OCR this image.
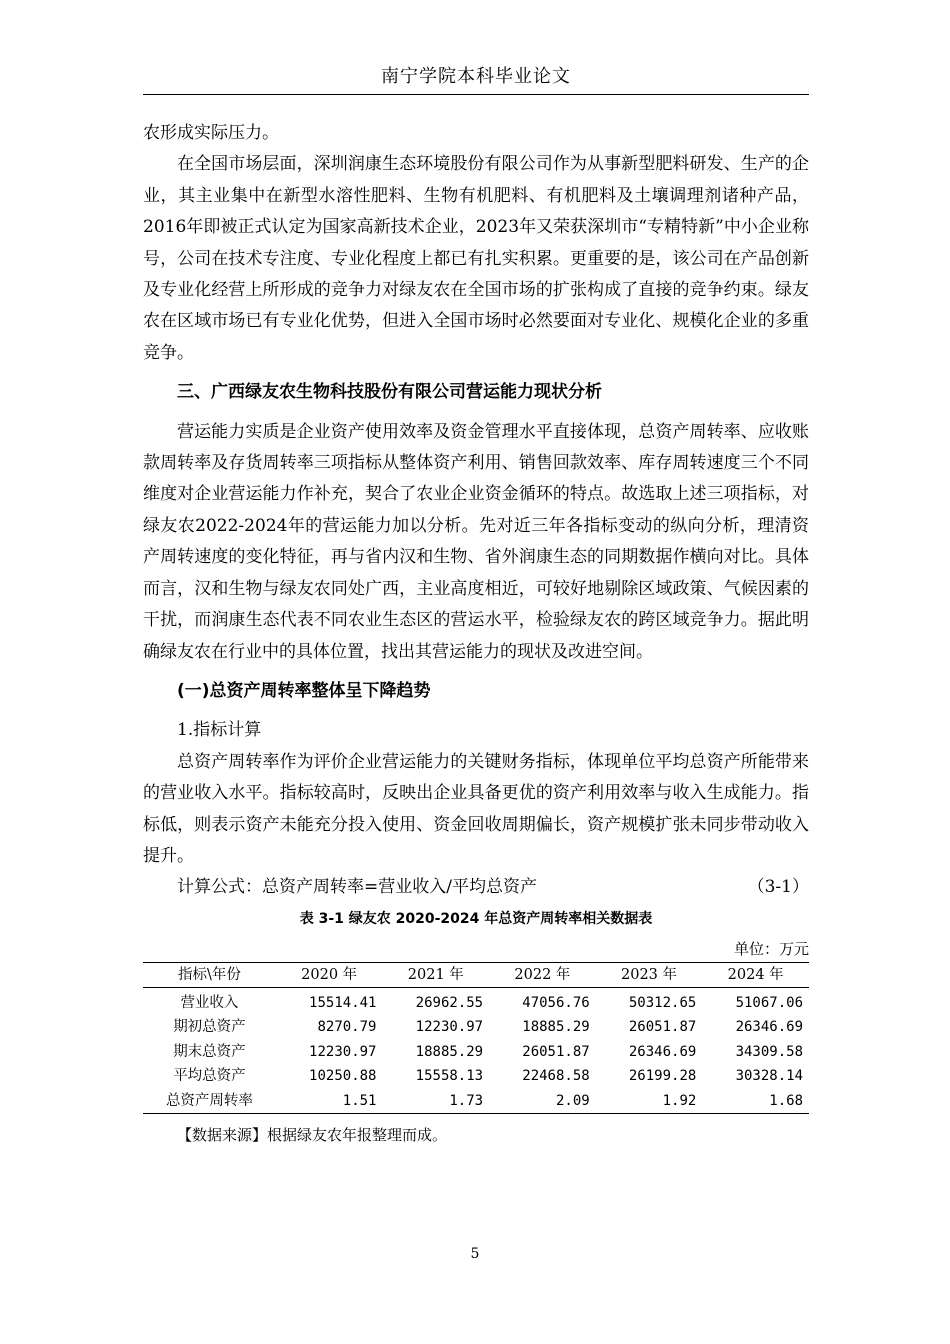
南宁学院本科毕业论文

农形成实际压力。

在全国市场层面，深圳润康生态环境股份有限公司作为从事新型肥料研发、生产的企业，其主业集中在新型水溶性肥料、生物有机肥料、有机肥料及土壤调理剂诸种产品，2016年即被正式认定为国家高新技术企业，2023年又荣获深圳市“专精特新”中小企业称号，公司在技术专注度、专业化程度上都已有扎实积累。更重要的是，该公司在产品创新及专业化经营上所形成的竞争力对绿友农在全国市场的扩张构成了直接的竞争约束。绿友农在区域市场已有专业化优势，但进入全国市场时必然要面对专业化、规模化企业的多重竞争。

三、广西绿友农生物科技股份有限公司营运能力现状分析

营运能力实质是企业资产使用效率及资金管理水平直接体现，总资产周转率、应收账款周转率及存货周转率三项指标从整体资产利用、销售回款效率、库存周转速度三个不同维度对企业营运能力作补充，契合了农业企业资金循环的特点。故选取上述三项指标，对绿友农2022-2024年的营运能力加以分析。先对近三年各指标变动的纵向分析，理清资产周转速度的变化特征，再与省内汉和生物、省外润康生态的同期数据作横向对比。具体而言，汉和生物与绿友农同处广西，主业高度相近，可较好地剔除区域政策、气候因素的干扰，而润康生态代表不同农业生态区的营运水平，检验绿友农的跨区域竞争力。据此明确绿友农在行业中的具体位置，找出其营运能力的现状及改进空间。

(一)总资产周转率整体呈下降趋势

1.指标计算

总资产周转率作为评价企业营运能力的关键财务指标，体现单位平均总资产所能带来的营业收入水平。指标较高时，反映出企业具备更优的资产利用效率与收入生成能力。指标低，则表示资产未能充分投入使用、资金回收周期偏长，资产规模扩张未同步带动收入提升。

计算公式：总资产周转率=营业收入/平均总资产	（3-1）

表 3-1 绿友农 2020-2024 年总资产周转率相关数据表
单位：万元
指标\年份	2020 年	2021 年	2022 年	2023 年	2024 年
营业收入	15514.41	26962.55	47056.76	50312.65	51067.06
期初总资产	8270.79	12230.97	18885.29	26051.87	26346.69
期末总资产	12230.97	18885.29	26051.87	26346.69	34309.58
平均总资产	10250.88	15558.13	22468.58	26199.28	30328.14
总资产周转率	1.51	1.73	2.09	1.92	1.68
【数据来源】根据绿友农年报整理而成。
5
